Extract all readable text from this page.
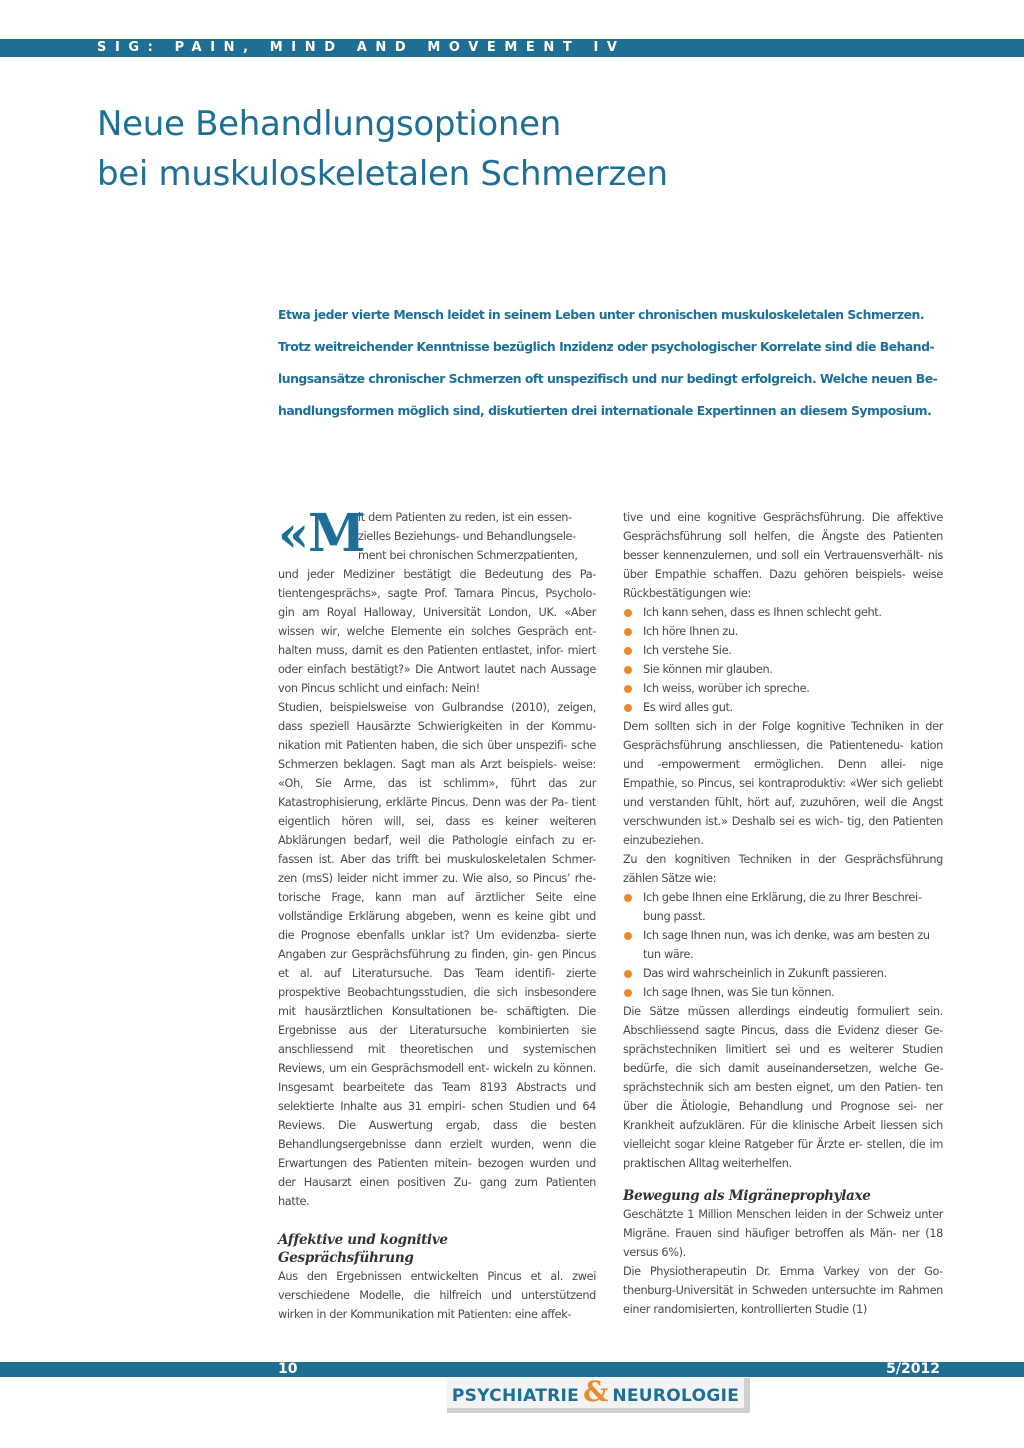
SIG: PAIN, MIND AND MOVEMENT IV
Neue Behandlungsoptionen
bei muskuloskeletalen Schmerzen
Etwa jeder vierte Mensch leidet in seinem Leben unter chronischen muskuloskeletalen Schmerzen.
Trotz weitreichender Kenntnisse bezüglich Inzidenz oder psychologischer Korrelate sind die Behand-
lungsansätze chronischer Schmerzen oft unspezifisch und nur bedingt erfolgreich. Welche neuen Be-
handlungsformen möglich sind, diskutierten drei internationale Expertinnen an diesem Symposium.
« M

it dem Patienten zu reden, ist ein essen-

zielles Beziehungs- und Behandlungsele-

ment bei chronischen Schmerzpatienten,

und jeder Mediziner bestätigt die Bedeutung des Pa- tientengesprächs», sagte Prof. Tamara Pincus, Psycholo- gin am Royal Halloway, Universität London, UK. «Aber wissen wir, welche Elemente ein solches Gespräch ent- halten muss, damit es den Patienten entlastet, infor- miert oder einfach bestätigt?» Die Antwort lautet nach Aussage von Pincus schlicht und einfach: Nein!

Studien, beispielsweise von Gulbrandse (2010), zeigen, dass speziell Hausärzte Schwierigkeiten in der Kommu- nikation mit Patienten haben, die sich über unspezifi- sche Schmerzen beklagen. Sagt man als Arzt beispiels- weise: «Oh, Sie Arme, das ist schlimm», führt das zur Katastrophisierung, erklärte Pincus. Denn was der Pa- tient eigentlich hören will, sei, dass es keiner weiteren Abklärungen bedarf, weil die Pathologie einfach zu er- fassen ist. Aber das trifft bei muskuloskeletalen Schmer- zen (msS) leider nicht immer zu. Wie also, so Pincus’ rhe- torische Frage, kann man auf ärztlicher Seite eine vollständige Erklärung abgeben, wenn es keine gibt und die Prognose ebenfalls unklar ist? Um evidenzba- sierte Angaben zur Gesprächsführung zu finden, gin- gen Pincus et al. auf Literatursuche. Das Team identifi- zierte prospektive Beobachtungsstudien, die sich insbesondere mit hausärztlichen Konsultationen be- schäftigten. Die Ergebnisse aus der Literatursuche kombinierten sie anschliessend mit theoretischen und systemischen Reviews, um ein Gesprächsmodell ent- wickeln zu können. Insgesamt bearbeitete das Team 8193 Abstracts und selektierte Inhalte aus 31 empiri- schen Studien und 64 Reviews. Die Auswertung ergab, dass die besten Behandlungsergebnisse dann erzielt wurden, wenn die Erwartungen des Patienten mitein- bezogen wurden und der Hausarzt einen positiven Zu- gang zum Patienten hatte.

Affektive und kognitive
Gesprächsführung

Aus den Ergebnissen entwickelten Pincus et al. zwei verschiedene Modelle, die hilfreich und unterstützend wirken in der Kommunikation mit Patienten: eine affek-

tive und eine kognitive Gesprächsführung. Die affektive Gesprächsführung soll helfen, die Ängste des Patienten besser kennenzulernen, und soll ein Vertrauensverhält- nis über Empathie schaffen. Dazu gehören beispiels- weise Rückbestätigungen wie:

Ich kann sehen, dass es Ihnen schlecht geht.
Ich höre Ihnen zu.
Ich verstehe Sie.
Sie können mir glauben.
Ich weiss, worüber ich spreche.
Es wird alles gut.

Dem sollten sich in der Folge kognitive Techniken in der Gesprächsführung anschliessen, die Patientenedu- kation und -empowerment ermöglichen. Denn allei- nige Empathie, so Pincus, sei kontraproduktiv: «Wer sich geliebt und verstanden fühlt, hört auf, zuzuhören, weil die Angst verschwunden ist.» Deshalb sei es wich- tig, den Patienten einzubeziehen.

Zu den kognitiven Techniken in der Gesprächsführung zählen Sätze wie:

Ich gebe Ihnen eine Erklärung, die zu Ihrer Beschrei- bung passt.
Ich sage Ihnen nun, was ich denke, was am besten zu tun wäre.
Das wird wahrscheinlich in Zukunft passieren.
Ich sage Ihnen, was Sie tun können.

Die Sätze müssen allerdings eindeutig formuliert sein. Abschliessend sagte Pincus, dass die Evidenz dieser Ge- sprächstechniken limitiert sei und es weiterer Studien bedürfe, die sich damit auseinandersetzen, welche Ge- sprächstechnik sich am besten eignet, um den Patien- ten über die Ätiologie, Behandlung und Prognose sei- ner Krankheit aufzuklären. Für die klinische Arbeit liessen sich vielleicht sogar kleine Ratgeber für Ärzte er- stellen, die im praktischen Alltag weiterhelfen.

Bewegung als Migräneprophylaxe

Geschätzte 1 Million Menschen leiden in der Schweiz unter Migräne. Frauen sind häufiger betroffen als Män- ner (18 versus 6%).

Die Physiotherapeutin Dr. Emma Varkey von der Go- thenburg-Universität in Schweden untersuchte im Rahmen einer randomisierten, kontrollierten Studie (1)

10	5/2012
PSYCHIATRIE & NEUROLOGIE
